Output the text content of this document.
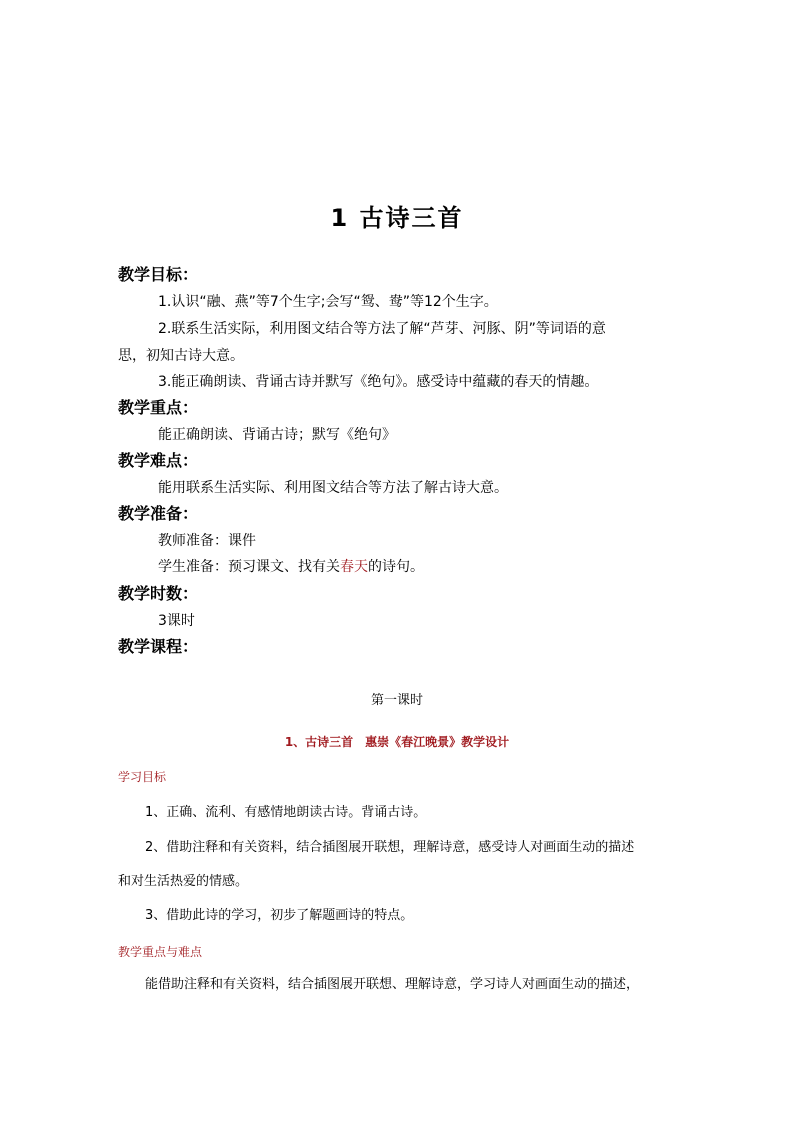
1 古诗三首
教学目标：
1.认识“融、燕”等7个生字;会写“鸳、鸯”等12个生字。
2.联系生活实际，利用图文结合等方法了解“芦芽、河豚、阴”等词语的意
思，初知古诗大意。
3.能正确朗读、背诵古诗并默写《绝句》。感受诗中蕴藏的春天的情趣。
教学重点：
能正确朗读、背诵古诗；默写《绝句》
教学难点：
能用联系生活实际、利用图文结合等方法了解古诗大意。
教学准备：
教师准备：课件
学生准备：预习课文、找有关春天的诗句。
教学时数：
3课时
教学课程：
第一课时
1、古诗三首　惠崇《春江晚景》教学设计
学习目标
1、正确、流利、有感情地朗读古诗。背诵古诗。
2、借助注释和有关资料，结合插图展开联想，理解诗意，感受诗人对画面生动的描述
和对生活热爱的情感。
3、借助此诗的学习，初步了解题画诗的特点。
教学重点与难点
能借助注释和有关资料，结合插图展开联想、理解诗意，学习诗人对画面生动的描述，
